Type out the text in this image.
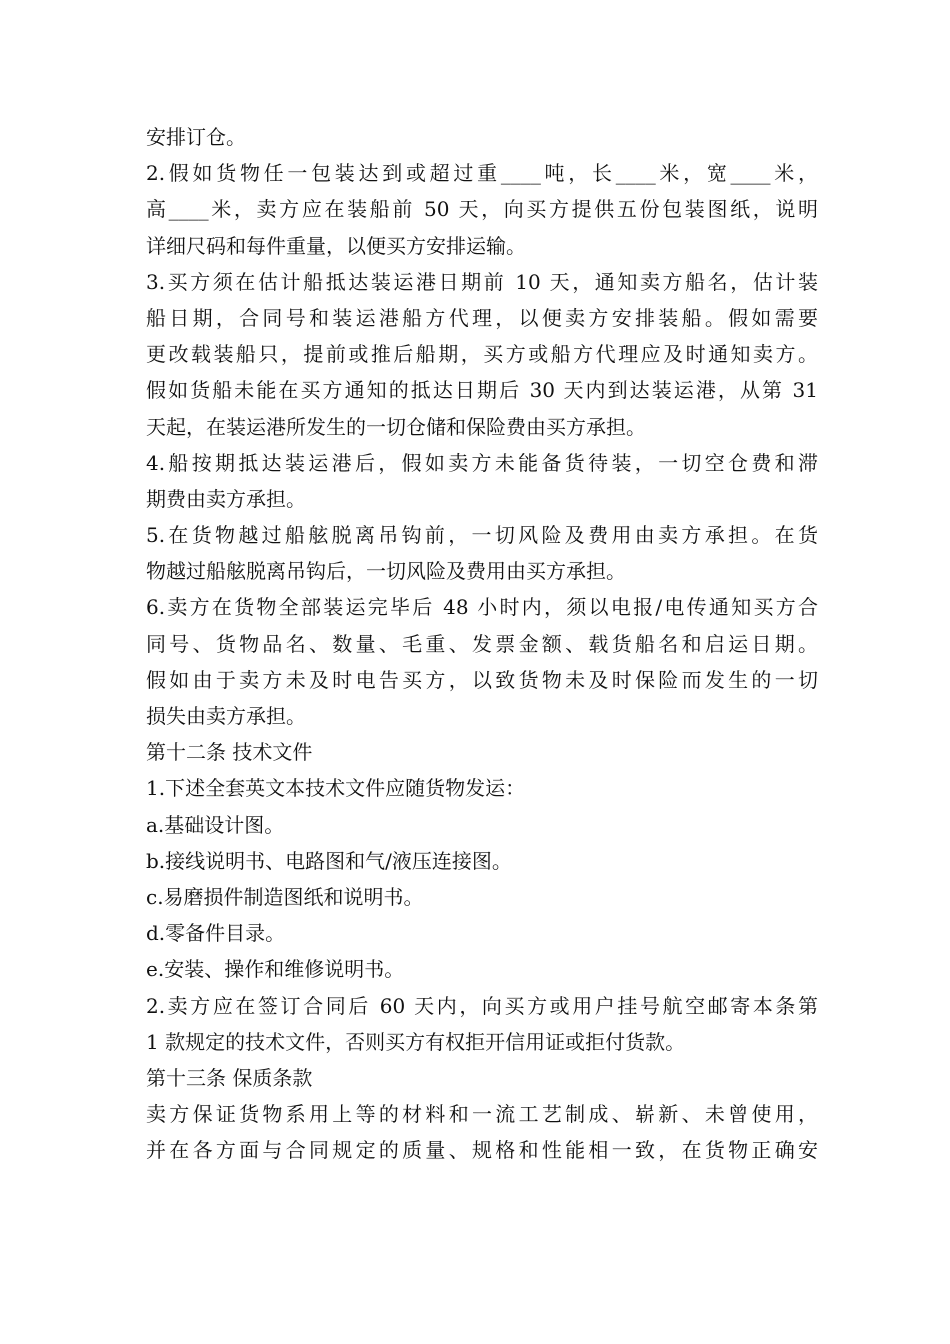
安排订仓。
2.假如货物任一包装达到或超过重____吨，长____米，宽____米，
高____米，卖方应在装船前 50 天，向买方提供五份包装图纸，说明
详细尺码和每件重量，以便买方安排运输。
3.买方须在估计船抵达装运港日期前 10 天，通知卖方船名，估计装
船日期，合同号和装运港船方代理，以便卖方安排装船。假如需要
更改载装船只，提前或推后船期，买方或船方代理应及时通知卖方。
假如货船未能在买方通知的抵达日期后 30 天内到达装运港，从第 31
天起，在装运港所发生的一切仓储和保险费由买方承担。
4.船按期抵达装运港后，假如卖方未能备货待装，一切空仓费和滞
期费由卖方承担。
5.在货物越过船舷脱离吊钩前，一切风险及费用由卖方承担。在货
物越过船舷脱离吊钩后，一切风险及费用由买方承担。
6.卖方在货物全部装运完毕后 48 小时内，须以电报/电传通知买方合
同号、货物品名、数量、毛重、发票金额、载货船名和启运日期。
假如由于卖方未及时电告买方，以致货物未及时保险而发生的一切
损失由卖方承担。
第十二条 技术文件
1.下述全套英文本技术文件应随货物发运：
a.基础设计图。
b.接线说明书、电路图和气/液压连接图。
c.易磨损件制造图纸和说明书。
d.零备件目录。
e.安装、操作和维修说明书。
2.卖方应在签订合同后 60 天内，向买方或用户挂号航空邮寄本条第
1 款规定的技术文件，否则买方有权拒开信用证或拒付货款。
第十三条 保质条款
卖方保证货物系用上等的材料和一流工艺制成、崭新、未曾使用，
并在各方面与合同规定的质量、规格和性能相一致，在货物正确安
